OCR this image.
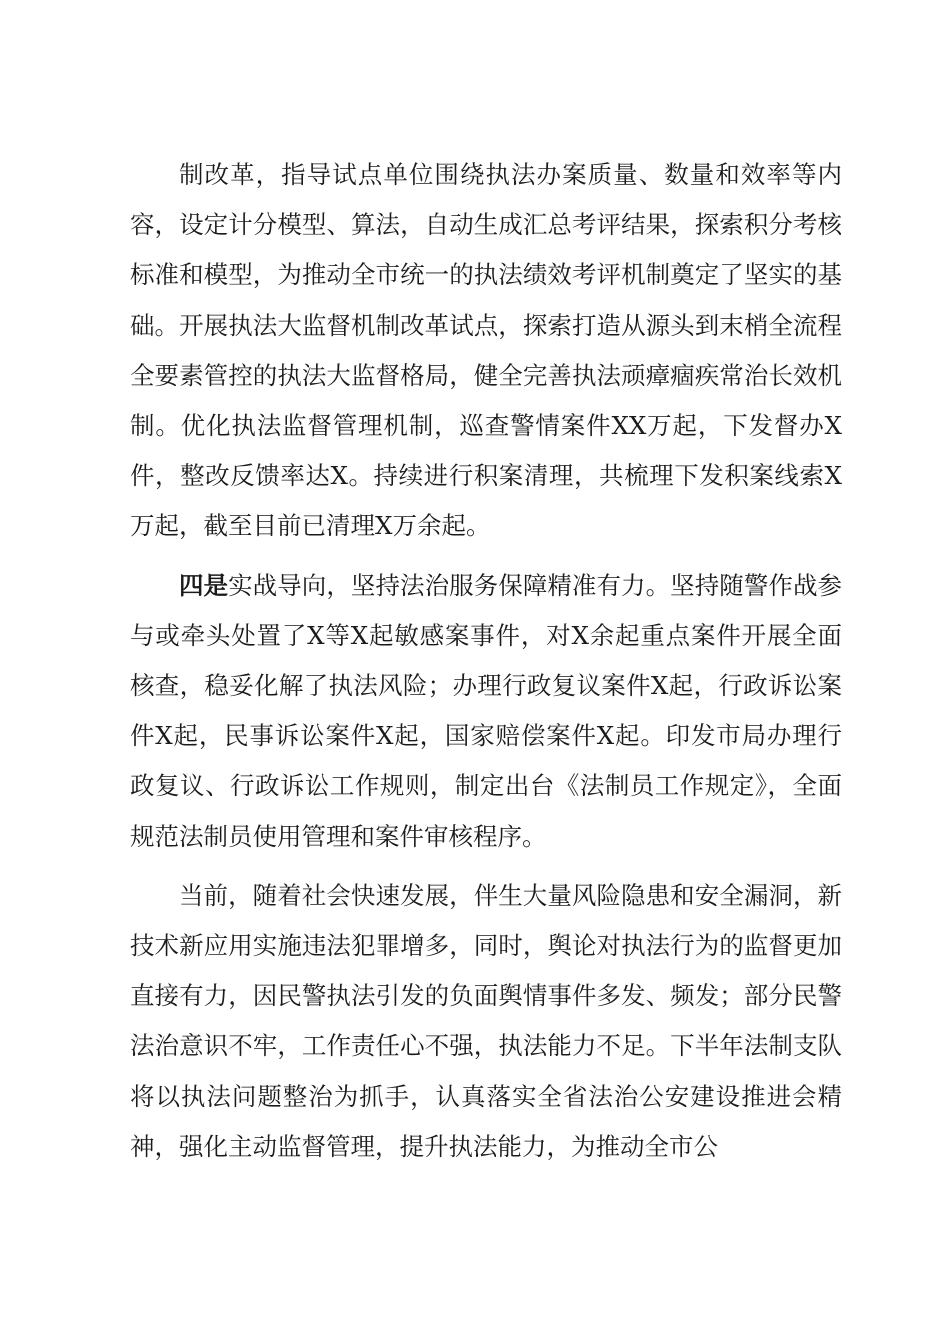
制改革，指导试点单位围绕执法办案质量、数量和效率等内容，设定计分模型、算法，自动生成汇总考评结果，探索积分考核标准和模型，为推动全市统一的执法绩效考评机制奠定了坚实的基础。开展执法大监督机制改革试点，探索打造从源头到末梢全流程全要素管控的执法大监督格局，健全完善执法顽瘴痼疾常治长效机制。优化执法监督管理机制，巡查警情案件XX万起，下发督办X件，整改反馈率达X。持续进行积案清理，共梳理下发积案线索X万起，截至目前已清理X万余起。

四是实战导向，坚持法治服务保障精准有力。坚持随警作战参与或牵头处置了X等X起敏感案事件，对X余起重点案件开展全面核查，稳妥化解了执法风险；办理行政复议案件X起，行政诉讼案件X起，民事诉讼案件X起，国家赔偿案件X起。印发市局办理行政复议、行政诉讼工作规则，制定出台《法制员工作规定》，全面规范法制员使用管理和案件审核程序。

当前，随着社会快速发展，伴生大量风险隐患和安全漏洞，新技术新应用实施违法犯罪增多，同时，舆论对执法行为的监督更加直接有力，因民警执法引发的负面舆情事件多发、频发；部分民警法治意识不牢，工作责任心不强，执法能力不足。下半年法制支队将以执法问题整治为抓手，认真落实全省法治公安建设推进会精神，强化主动监督管理，提升执法能力，为推动全市公
